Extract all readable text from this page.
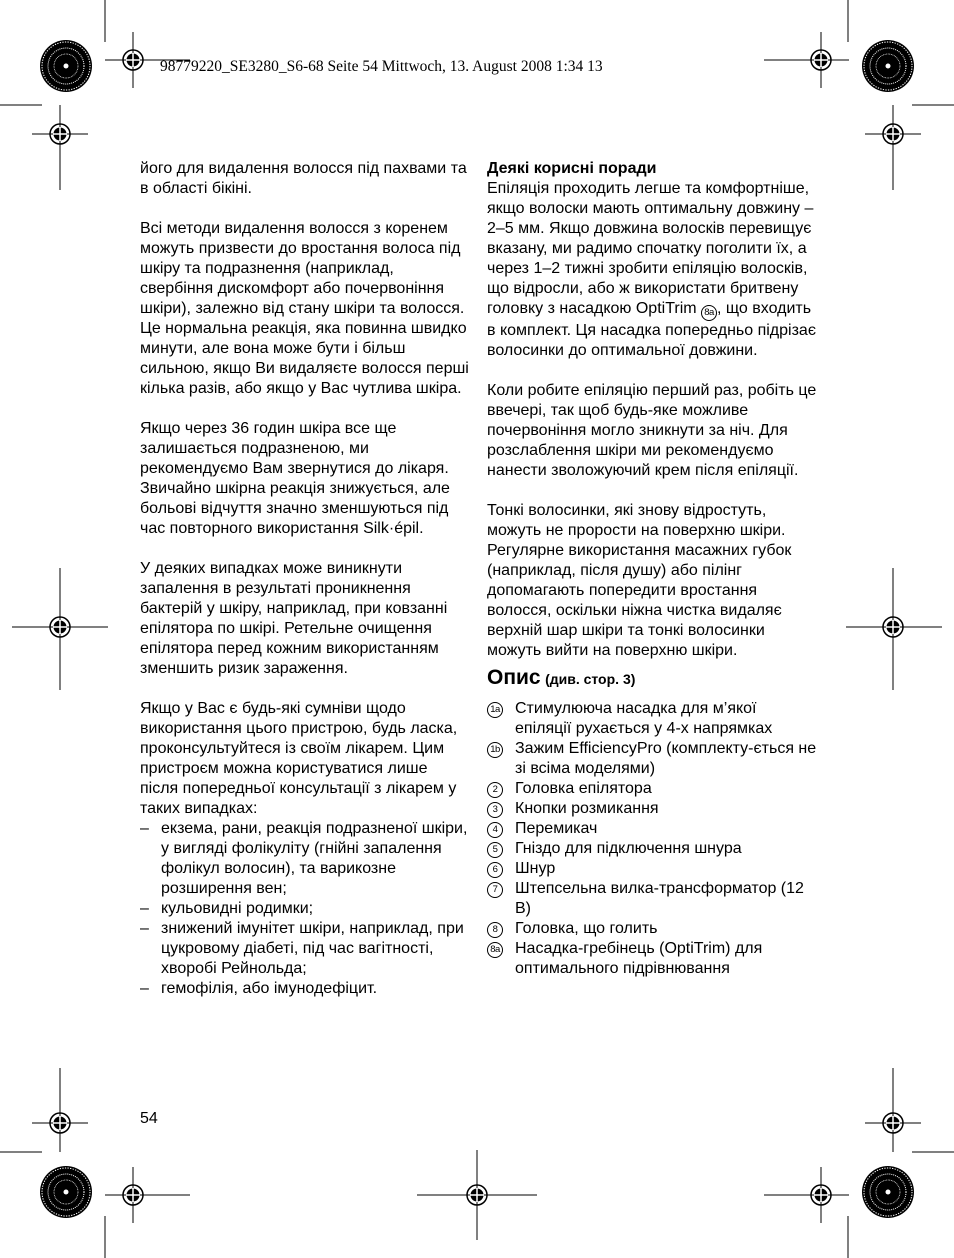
98779220_SE3280_S6-68 Seite 54 Mittwoch, 13. August 2008 1:34 13

його для видалення волосся під пахвами та в області бікіні.

Всі методи видалення волосся з коренем можуть призвести до вростання волоса під шкіру та подразнення (наприклад, свербіння дискомфорт або почервоніння шкіри), залежно від стану шкіри та волосся. Це нормальна реакція, яка повинна швидко минути, але вона може бути і більш сильною, якщо Ви видаляєте волосся перші кілька разів, або якщо у Вас чутлива шкіра.

Якщо через 36 годин шкіра все ще залишається подразненою, ми рекомендуємо Вам звернутися до лікаря. Звичайно шкірна реакція знижується, але больові відчуття значно зменшуються під час повторного використання Silk·épil.

У деяких випадках може виникнути запалення в результаті проникнення бактерій у шкіру, наприклад, при ковзанні епілятора по шкірі. Ретельне очищення епілятора перед кожним використанням зменшить ризик зараження.

Якщо у Вас є будь-які сумніви щодо використання цього пристрою, будь ласка, проконсультуйтеся із своїм лікарем. Цим пристроєм можна користуватися лише після попередньої консультації з лікарем у таких випадках:

– екзема, рани, реакція подразненої шкіри, у вигляді фолікуліту (гнійні запалення фолікул волосин), та варикозне розширення вен;

– кульовидні родимки;

– знижений імунітет шкіри, наприклад, при цукровому діабеті, під час вагітності, хворобі Рейнольда;

– гемофілія, або імунодефіцит.

Деякі корисні поради

Епіляція проходить легше та комфортніше, якщо волоски мають оптимальну довжину – 2–5 мм. Якщо довжина волосків перевищує вказану, ми радимо спочатку поголити їх, а через 1–2 тижні зробити епіляцію волосків, що відросли, або ж використати бритвену головку з насадкою OptiTrim 8a , що входить в комплект. Ця насадка попередньо підрізає волосинки до оптимальної довжини.

Коли робите епіляцію перший раз, робіть це ввечері, так щоб будь-яке можливе почервоніння могло зникнути за ніч. Для розслаблення шкіри ми рекомендуємо нанести зволожуючий крем після епіляції.

Тонкі волосинки, які знову відростуть, можуть не прорости на поверхню шкіри. Регулярне використання масажних губок (наприклад, після душу) або пілінг допомагають попередити вростання волосся, оскільки ніжна чистка видаляє верхній шар шкіри та тонкі волосинки можуть вийти на поверхню шкіри.

Опис (див. стор. 3)
1a Стимулююча насадка для м’якої епіляції рухається у 4-х напрямках
1b Зажим EfficiencyPro (комплекту-ється не зі всіма моделями)
2	Головка епілятора
3	Кнопки розмикання
4	Перемикач
5	Гніздо для підключення шнура
6	Шнур
7	Штепсельна вилка-трансформатор (12 В)
8	Головка, що голить
8a Насадка-гребінець (OptiTrim) для оптимального підрівнювання
54
